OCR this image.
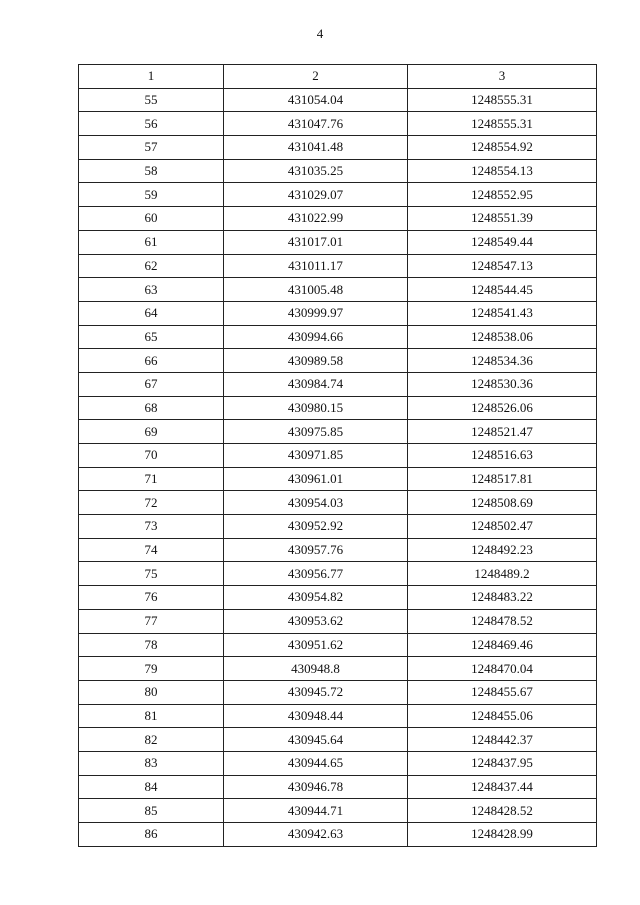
4
1	2	3
55	431054.04	1248555.31
56	431047.76	1248555.31
57	431041.48	1248554.92
58	431035.25	1248554.13
59	431029.07	1248552.95
60	431022.99	1248551.39
61	431017.01	1248549.44
62	431011.17	1248547.13
63	431005.48	1248544.45
64	430999.97	1248541.43
65	430994.66	1248538.06
66	430989.58	1248534.36
67	430984.74	1248530.36
68	430980.15	1248526.06
69	430975.85	1248521.47
70	430971.85	1248516.63
71	430961.01	1248517.81
72	430954.03	1248508.69
73	430952.92	1248502.47
74	430957.76	1248492.23
75	430956.77	1248489.2
76	430954.82	1248483.22
77	430953.62	1248478.52
78	430951.62	1248469.46
79	430948.8	1248470.04
80	430945.72	1248455.67
81	430948.44	1248455.06
82	430945.64	1248442.37
83	430944.65	1248437.95
84	430946.78	1248437.44
85	430944.71	1248428.52
86	430942.63	1248428.99
